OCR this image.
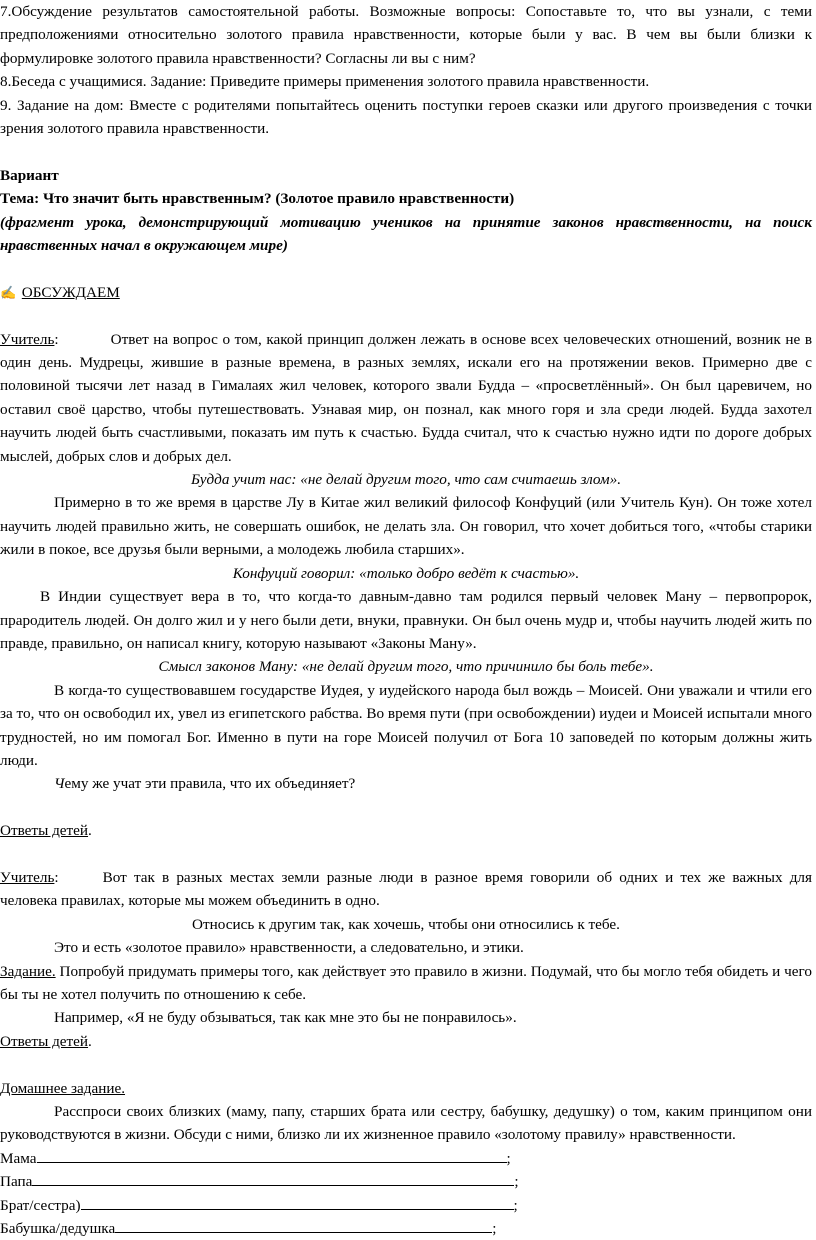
7.Обсуждение результатов самостоятельной работы. Возможные вопросы: Сопоставьте то, что вы узнали, с теми предположениями относительно золотого правила нравственности, которые были у вас. В чем вы были близки к формулировке золотого правила нравственности? Согласны ли вы с ним?

8.Беседа с учащимися. Задание: Приведите примеры применения золотого правила нравственности.

9. Задание на дом: Вместе с родителями попытайтесь оценить поступки героев сказки или другого произведения с точки зрения золотого правила нравственности.

Вариант

Тема: Что значит быть нравственным? (Золотое правило нравственности)

(фрагмент урока, демонстрирующий мотивацию учеников на принятие законов нравственности, на поиск нравственных начал в окружающем мире)

✍ ОБСУЖДАЕМ

Учитель:	Ответ на вопрос о том, какой принцип должен лежать в основе всех человеческих отношений, возник не в один день. Мудрецы, жившие в разные времена, в разных землях, искали его на протяжении веков. Примерно две с половиной тысячи лет назад в Гималаях жил человек, которого звали Будда – «просветлённый». Он был царевичем, но оставил своё царство, чтобы путешествовать. Узнавая мир, он познал, как много горя и зла среди людей. Будда захотел научить людей быть счастливыми, показать им путь к счастью. Будда считал, что к счастью нужно идти по дороге добрых мыслей, добрых слов и добрых дел.

Будда учит нас: «не делай другим того, что сам считаешь злом».

Примерно в то же время в царстве Лу в Китае жил великий философ Конфуций (или Учитель Кун). Он тоже хотел научить людей правильно жить, не совершать ошибок, не делать зла. Он говорил, что хочет добиться того, «чтобы старики жили в покое, все друзья были верными, а молодежь любила старших».

Конфуций говорил: «только добро ведёт к счастью».

В Индии существует вера в то, что когда-то давным-давно там родился первый человек Ману – первопророк, прародитель людей. Он долго жил и у него были дети, внуки, правнуки. Он был очень мудр и, чтобы научить людей жить по правде, правильно, он написал книгу, которую называют «Законы Ману».

Смысл законов Ману: «не делай другим того, что причинило бы боль тебе».

В когда-то существовавшем государстве Иудея, у иудейского народа был вождь – Моисей. Они уважали и чтили его за то, что он освободил их, увел из египетского рабства. Во время пути (при освобождении) иудеи и Моисей испытали много трудностей, но им помогал Бог. Именно в пути на горе Моисей получил от Бога 10 заповедей по которым должны жить люди.

Чему же учат эти правила, что их объединяет?

Ответы детей.

Учитель:	Вот так в разных местах земли разные люди в разное время говорили об одних и тех же важных для человека правилах, которые мы можем объединить в одно.

Относись к другим так, как хочешь, чтобы они относились к тебе.

Это и есть «золотое правило» нравственности, а следовательно, и этики.

Задание. Попробуй придумать примеры того, как действует это правило в жизни. Подумай, что бы могло тебя обидеть и чего бы ты не хотел получить по отношению к себе.

Например, «Я не буду обзываться, так как мне это бы не понравилось».

Ответы детей.

Домашнее задание.

Расспроси своих близких (маму, папу, старших брата или сестру, бабушку, дедушку) о том, каким принципом они руководствуются в жизни. Обсуди с ними, близко ли их жизненное правило «золотому правилу» нравственности.

Мама	;

Папа	;

Брат/сестра)	;

Бабушка/дедушка	;
